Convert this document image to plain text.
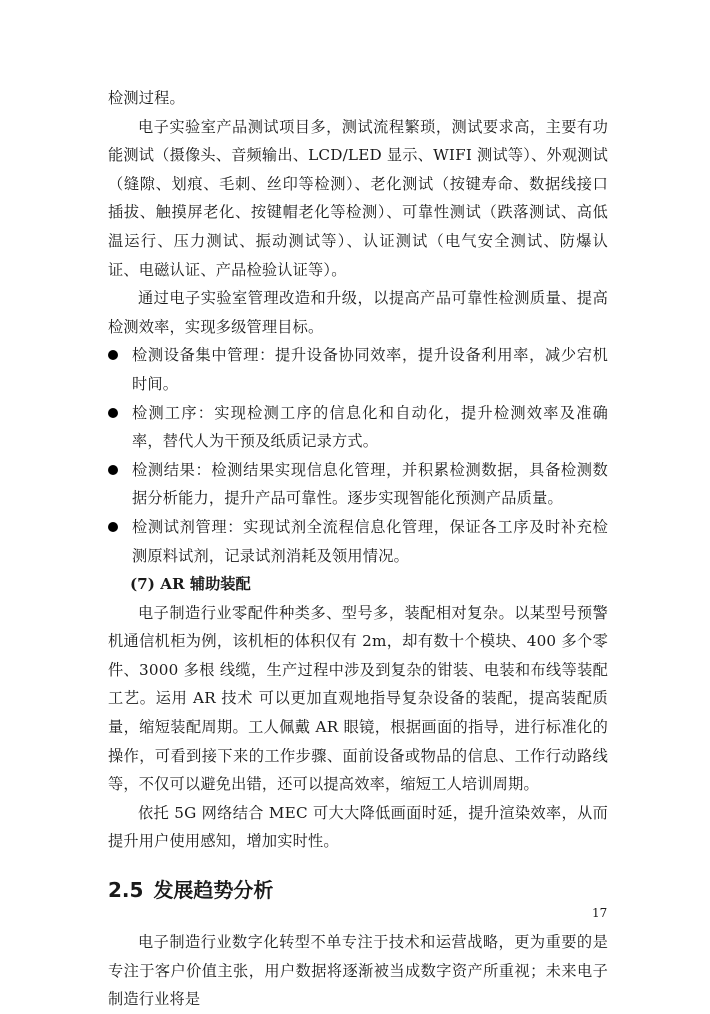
检测过程。

电子实验室产品测试项目多，测试流程繁琐，测试要求高，主要有功能测试（摄像头、音频输出、LCD/LED 显示、WIFI 测试等）、外观测试（缝隙、划痕、毛刺、丝印等检测）、老化测试（按键寿命、数据线接口插拔、触摸屏老化、按键帽老化等检测）、可靠性测试（跌落测试、高低温运行、压力测试、振动测试等）、认证测试（电气安全测试、防爆认证、电磁认证、产品检验认证等）。

通过电子实验室管理改造和升级，以提高产品可靠性检测质量、提高检测效率，实现多级管理目标。

检测设备集中管理：提升设备协同效率，提升设备利用率，减少宕机时间。
检测工序：实现检测工序的信息化和自动化，提升检测效率及准确率，替代人为干预及纸质记录方式。
检测结果：检测结果实现信息化管理，并积累检测数据，具备检测数据分析能力，提升产品可靠性。逐步实现智能化预测产品质量。
检测试剂管理：实现试剂全流程信息化管理，保证各工序及时补充检测原料试剂，记录试剂消耗及领用情况。

(7) AR 辅助装配

电子制造行业零配件种类多、型号多，装配相对复杂。以某型号预警机通信机柜为例，该机柜的体积仅有 2m，却有数十个模块、400 多个零件、3000 多根 线缆，生产过程中涉及到复杂的钳装、电装和布线等装配工艺。运用 AR 技术 可以更加直观地指导复杂设备的装配，提高装配质量，缩短装配周期。工人佩戴 AR 眼镜，根据画面的指导，进行标准化的操作，可看到接下来的工作步骤、面前设备或物品的信息、工作行动路线等，不仅可以避免出错，还可以提高效率，缩短工人培训周期。

依托 5G 网络结合 MEC 可大大降低画面时延，提升渲染效率，从而提升用户使用感知，增加实时性。

2.5 发展趋势分析

电子制造行业数字化转型不单专注于技术和运营战略，更为重要的是专注于客户价值主张，用户数据将逐渐被当成数字资产所重视；未来电子制造行业将是

17
